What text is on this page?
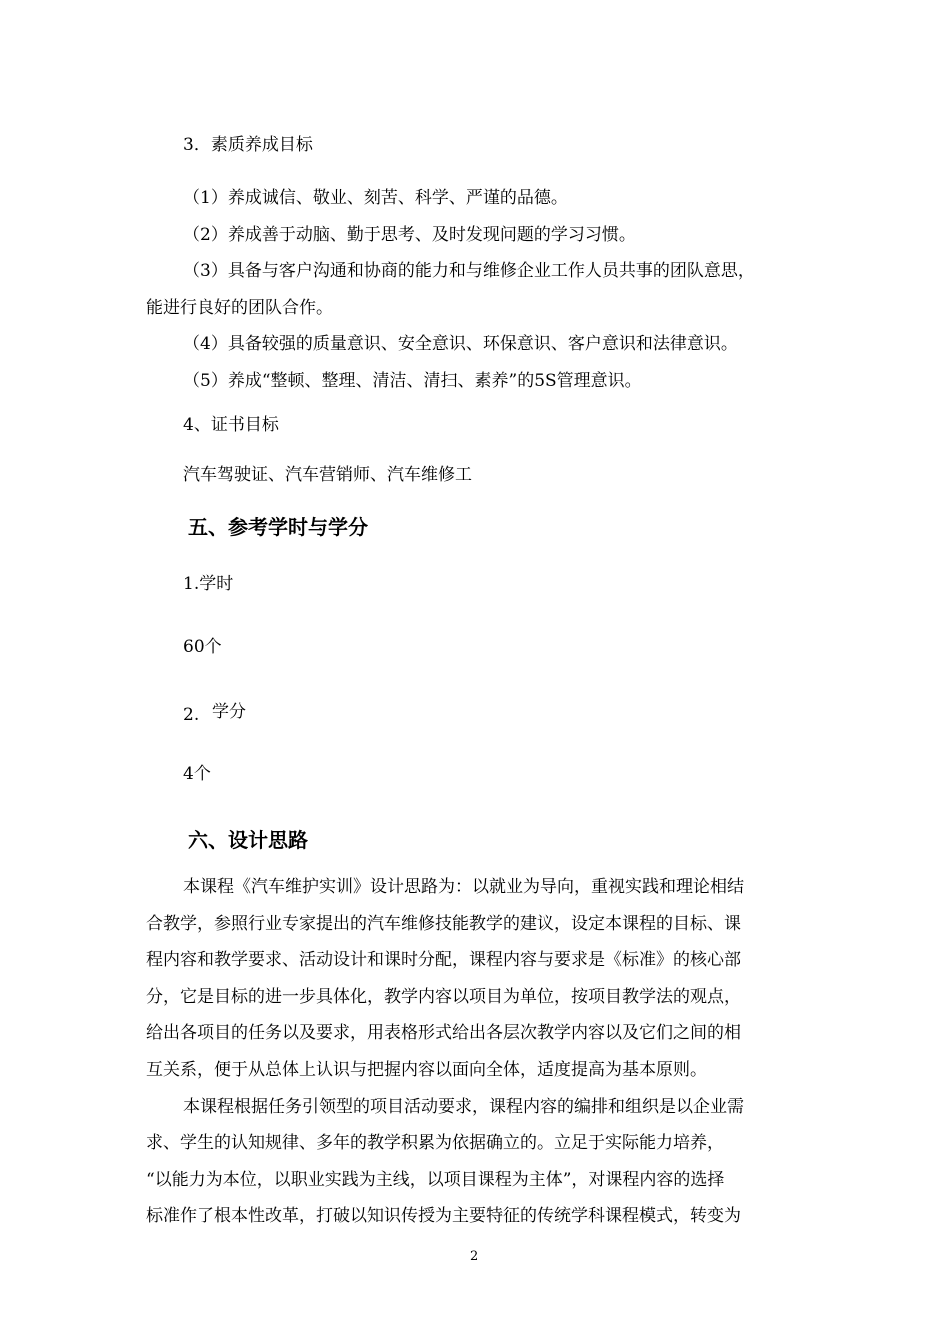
3．素质养成目标
（1）养成诚信、敬业、刻苦、科学、严谨的品德。
（2）养成善于动脑、勤于思考、及时发现问题的学习习惯。
（3）具备与客户沟通和协商的能力和与维修企业工作人员共事的团队意思，
能进行良好的团队合作。
（4）具备较强的质量意识、安全意识、环保意识、客户意识和法律意识。
（5）养成“整顿、整理、清洁、清扫、素养”的5S管理意识。
4、证书目标
汽车驾驶证、汽车营销师、汽车维修工
五、参考学时与学分
1.学时
60个
2. 学分
4个
六、设计思路
本课程《汽车维护实训》设计思路为：以就业为导向，重视实践和理论相结
合教学，参照行业专家提出的汽车维修技能教学的建议，设定本课程的目标、课
程内容和教学要求、活动设计和课时分配，课程内容与要求是《标准》的核心部
分，它是目标的进一步具体化，教学内容以项目为单位，按项目教学法的观点，
给出各项目的任务以及要求，用表格形式给出各层次教学内容以及它们之间的相
互关系，便于从总体上认识与把握内容以面向全体，适度提高为基本原则。
本课程根据任务引领型的项目活动要求，课程内容的编排和组织是以企业需
求、学生的认知规律、多年的教学积累为依据确立的。立足于实际能力培养，
“以能力为本位，以职业实践为主线，以项目课程为主体”，对课程内容的选择
标准作了根本性改革，打破以知识传授为主要特征的传统学科课程模式，转变为
2
